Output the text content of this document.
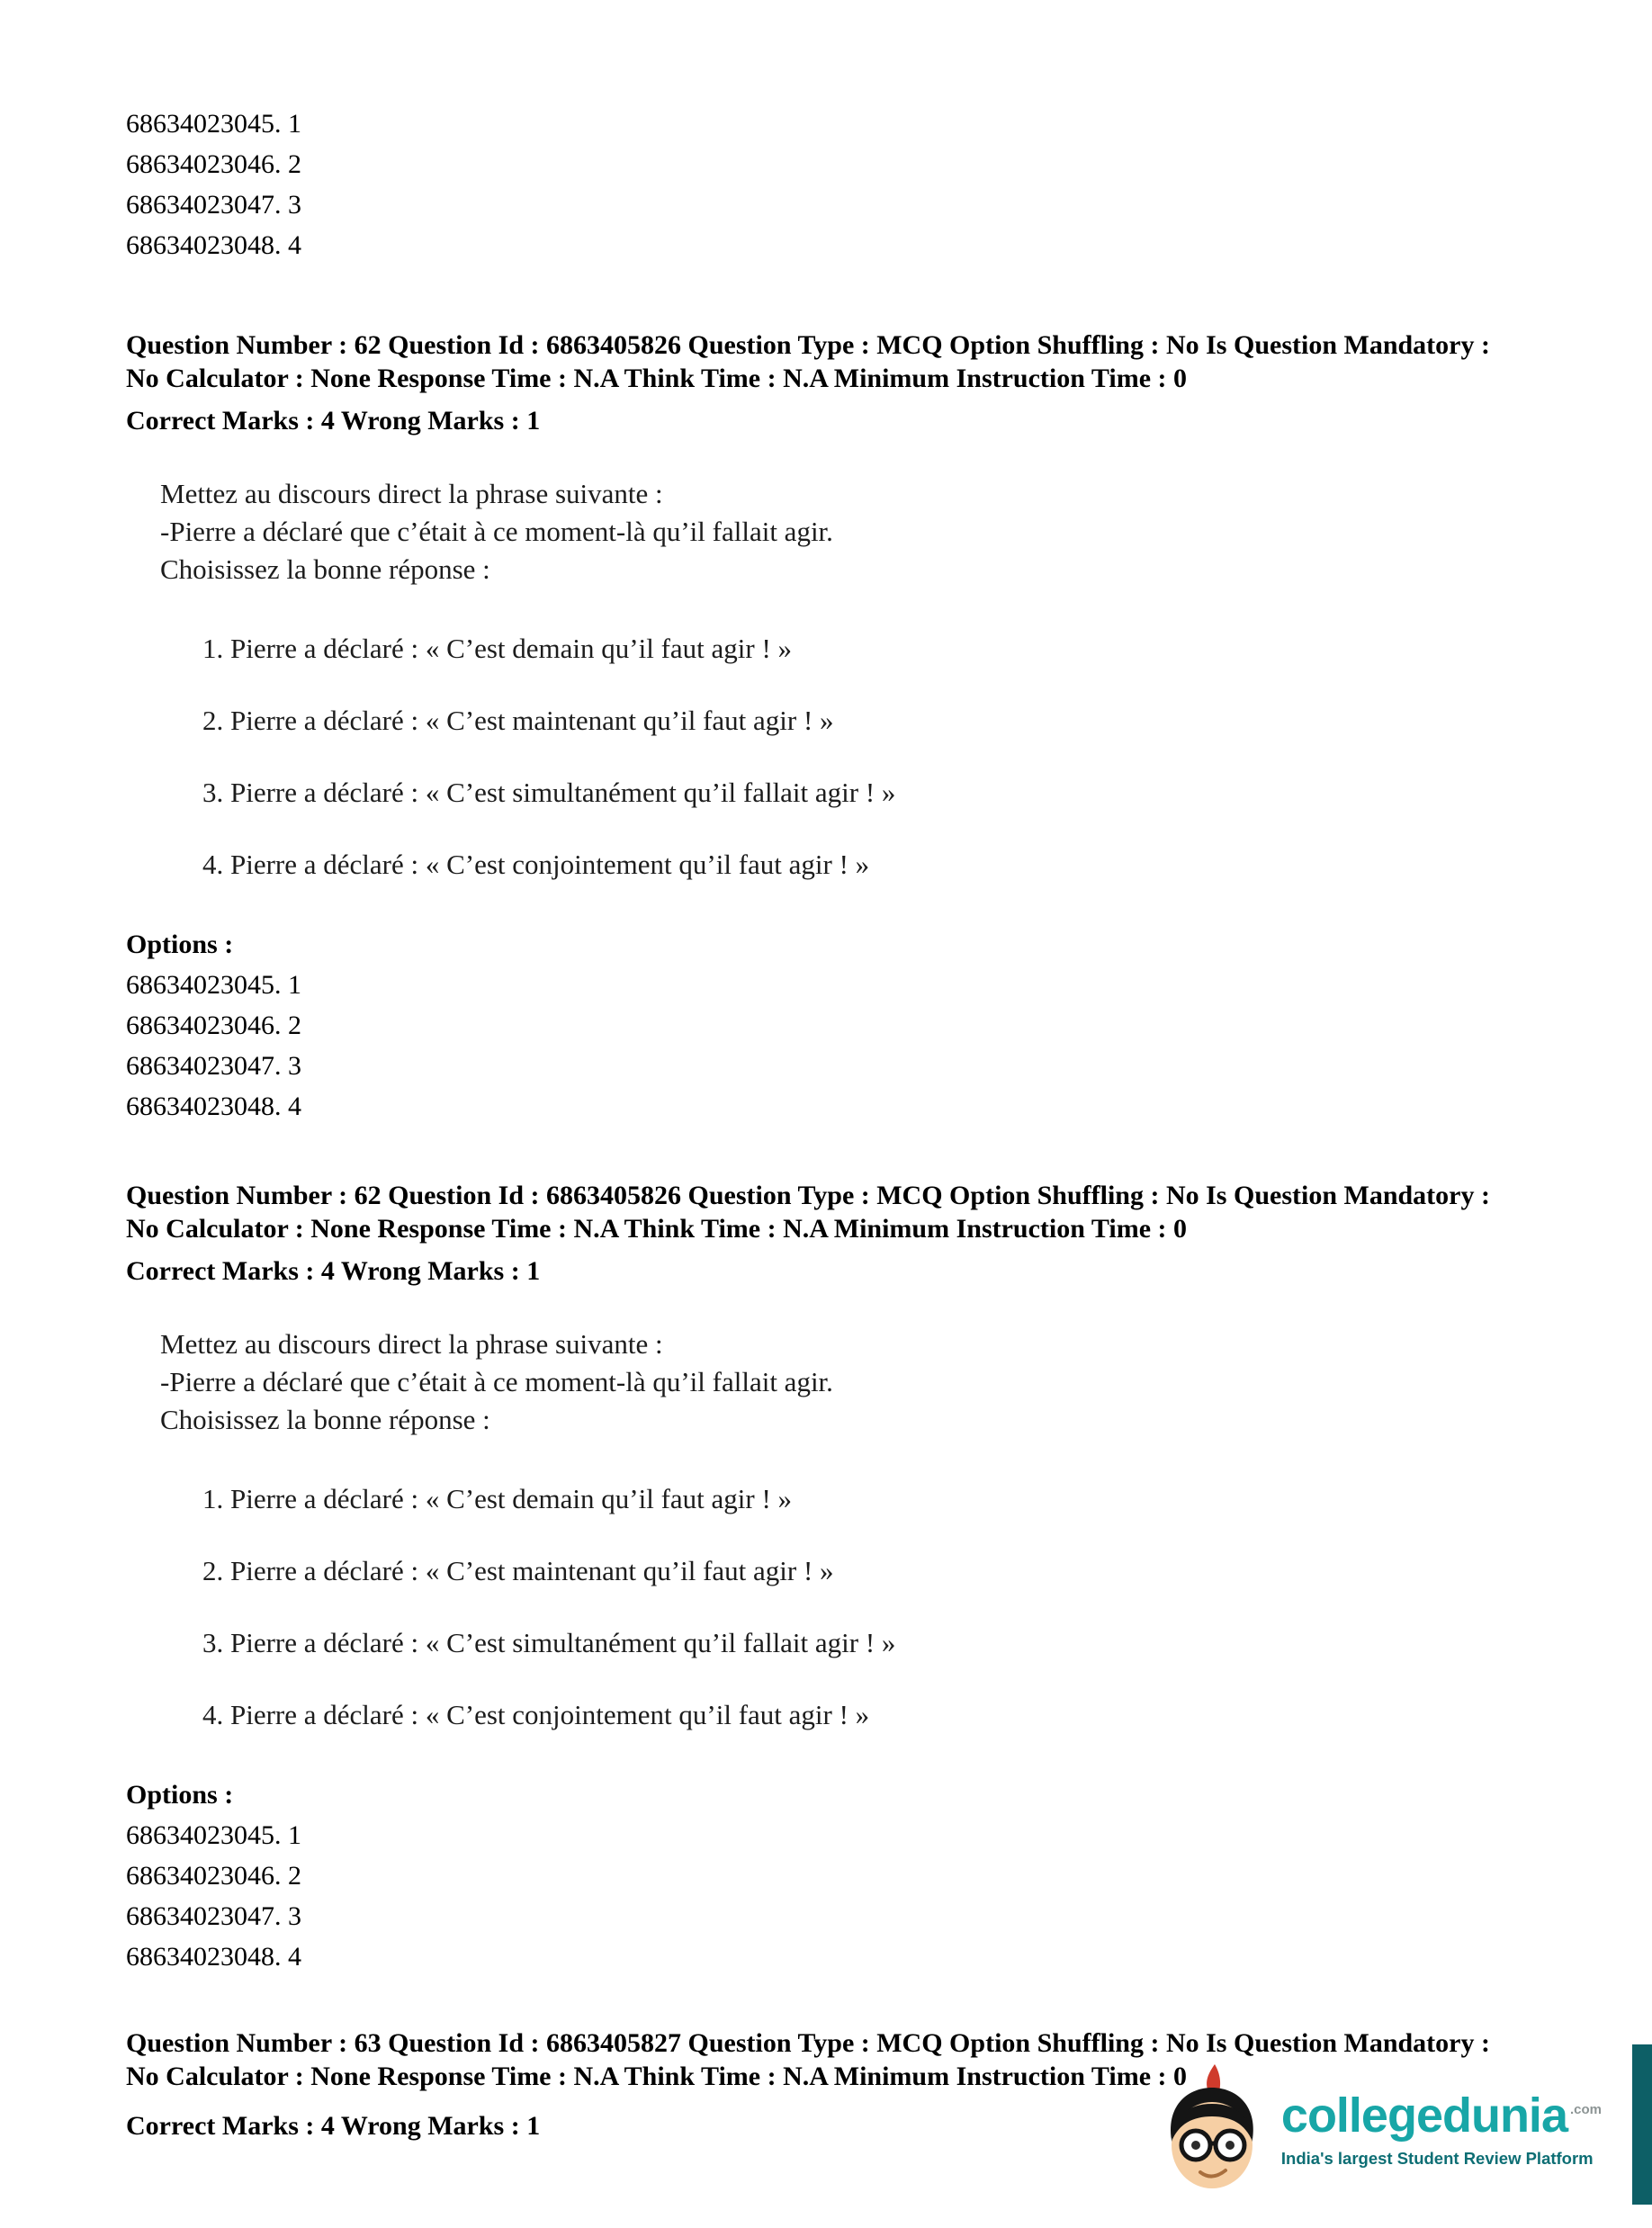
68634023045. 1
68634023046. 2
68634023047. 3
68634023048. 4
Question Number : 62 Question Id : 6863405826 Question Type : MCQ Option Shuffling : No Is Question Mandatory :
No Calculator : None Response Time : N.A Think Time : N.A Minimum Instruction Time : 0
Correct Marks : 4 Wrong Marks : 1
Mettez au discours direct la phrase suivante :
-Pierre a déclaré que c’était à ce moment-là qu’il fallait agir.
Choisissez la bonne réponse :
1. Pierre a déclaré : « C’est demain qu’il faut agir ! »
2. Pierre a déclaré : « C’est maintenant qu’il faut agir ! »
3. Pierre a déclaré : « C’est simultanément qu’il fallait agir ! »
4. Pierre a déclaré : « C’est conjointement qu’il faut agir ! »
Options :
68634023045. 1
68634023046. 2
68634023047. 3
68634023048. 4
Question Number : 62 Question Id : 6863405826 Question Type : MCQ Option Shuffling : No Is Question Mandatory :
No Calculator : None Response Time : N.A Think Time : N.A Minimum Instruction Time : 0
Correct Marks : 4 Wrong Marks : 1
Mettez au discours direct la phrase suivante :
-Pierre a déclaré que c’était à ce moment-là qu’il fallait agir.
Choisissez la bonne réponse :
1. Pierre a déclaré : « C’est demain qu’il faut agir ! »
2. Pierre a déclaré : « C’est maintenant qu’il faut agir ! »
3. Pierre a déclaré : « C’est simultanément qu’il fallait agir ! »
4. Pierre a déclaré : « C’est conjointement qu’il faut agir ! »
Options :
68634023045. 1
68634023046. 2
68634023047. 3
68634023048. 4
Question Number : 63 Question Id : 6863405827 Question Type : MCQ Option Shuffling : No Is Question Mandatory :
No Calculator : None Response Time : N.A Think Time : N.A Minimum Instruction Time : 0
Correct Marks : 4 Wrong Marks : 1	collegedunia $^{.com}$
India's largest Student Review Platform
